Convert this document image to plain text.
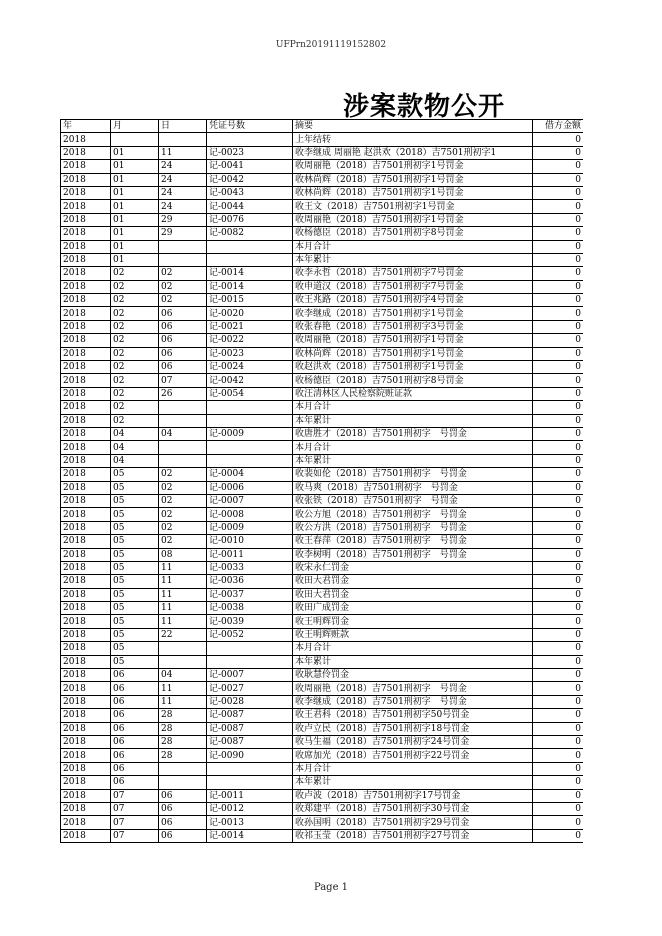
UFPrn20191119152802
涉案款物公开
年	月	日	凭证号数	摘要	借方金额
2018				上年结转	0
2018	01	11	记-0023	收李继成 周丽艳 赵洪欢（2018）吉7501刑初字1	0
2018	01	24	记-0041	收周丽艳（2018）吉7501刑初字1号罚金	0
2018	01	24	记-0042	收林尚辉（2018）吉7501刑初字1号罚金	0
2018	01	24	记-0043	收林尚辉（2018）吉7501刑初字1号罚金	0
2018	01	24	记-0044	收王文（2018）吉7501刑初字1号罚金	0
2018	01	29	记-0076	收周丽艳（2018）吉7501刑初字1号罚金	0
2018	01	29	记-0082	收杨德臣（2018）吉7501刑初字8号罚金	0
2018	01			本月合计	0
2018	01			本年累计	0
2018	02	02	记-0014	收李永哲（2018）吉7501刑初字7号罚金	0
2018	02	02	记-0014	收申道汉（2018）吉7501刑初字7号罚金	0
2018	02	02	记-0015	收王兆路（2018）吉7501刑初字4号罚金	0
2018	02	06	记-0020	收李继成（2018）吉7501刑初字1号罚金	0
2018	02	06	记-0021	收张春艳（2018）吉7501刑初字3号罚金	0
2018	02	06	记-0022	收周丽艳（2018）吉7501刑初字1号罚金	0
2018	02	06	记-0023	收林尚辉（2018）吉7501刑初字1号罚金	0
2018	02	06	记-0024	收赵洪欢（2018）吉7501刑初字1号罚金	0
2018	02	07	记-0042	收杨德臣（2018）吉7501刑初字8号罚金	0
2018	02	26	记-0054	收汪清林区人民检察院赃证款	0
2018	02			本月合计	0
2018	02			本年累计	0
2018	04	04	记-0009	收唐胜才（2018）吉7501刑初字　号罚金	0
2018	04			本月合计	0
2018	04			本年累计	0
2018	05	02	记-0004	收裴如伦（2018）吉7501刑初字　号罚金	0
2018	05	02	记-0006	收马爽（2018）吉7501刑初字　号罚金	0
2018	05	02	记-0007	收张铁（2018）吉7501刑初字　号罚金	0
2018	05	02	记-0008	收公方旭（2018）吉7501刑初字　号罚金	0
2018	05	02	记-0009	收公方洪（2018）吉7501刑初字　号罚金	0
2018	05	02	记-0010	收王春萍（2018）吉7501刑初字　号罚金	0
2018	05	08	记-0011	收李树明（2018）吉7501刑初字　号罚金	0
2018	05	11	记-0033	收宋永仁罚金	0
2018	05	11	记-0036	收田大君罚金	0
2018	05	11	记-0037	收田大君罚金	0
2018	05	11	记-0038	收田广成罚金	0
2018	05	11	记-0039	收王明辉罚金	0
2018	05	22	记-0052	收王明辉赃款	0
2018	05			本月合计	0
2018	05			本年累计	0
2018	06	04	记-0007	收耿慧伶罚金	0
2018	06	11	记-0027	收周丽艳（2018）吉7501刑初字　号罚金	0
2018	06	11	记-0028	收李继成（2018）吉7501刑初字　号罚金	0
2018	06	28	记-0087	收王君科（2018）吉7501刑初字50号罚金	0
2018	06	28	记-0087	收卢立民（2018）吉7501刑初字18号罚金	0
2018	06	28	记-0087	收马生福（2018）吉7501刑初字24号罚金	0
2018	06	28	记-0090	收席加光（2018）吉7501刑初字22号罚金	0
2018	06			本月合计	0
2018	06			本年累计	0
2018	07	06	记-0011	收卢波（2018）吉7501刑初字17号罚金	0
2018	07	06	记-0012	收郑建平（2018）吉7501刑初字30号罚金	0
2018	07	06	记-0013	收孙国明（2018）吉7501刑初字29号罚金	0
2018	07	06	记-0014	收祁玉莹（2018）吉7501刑初字27号罚金	0
Page 1
